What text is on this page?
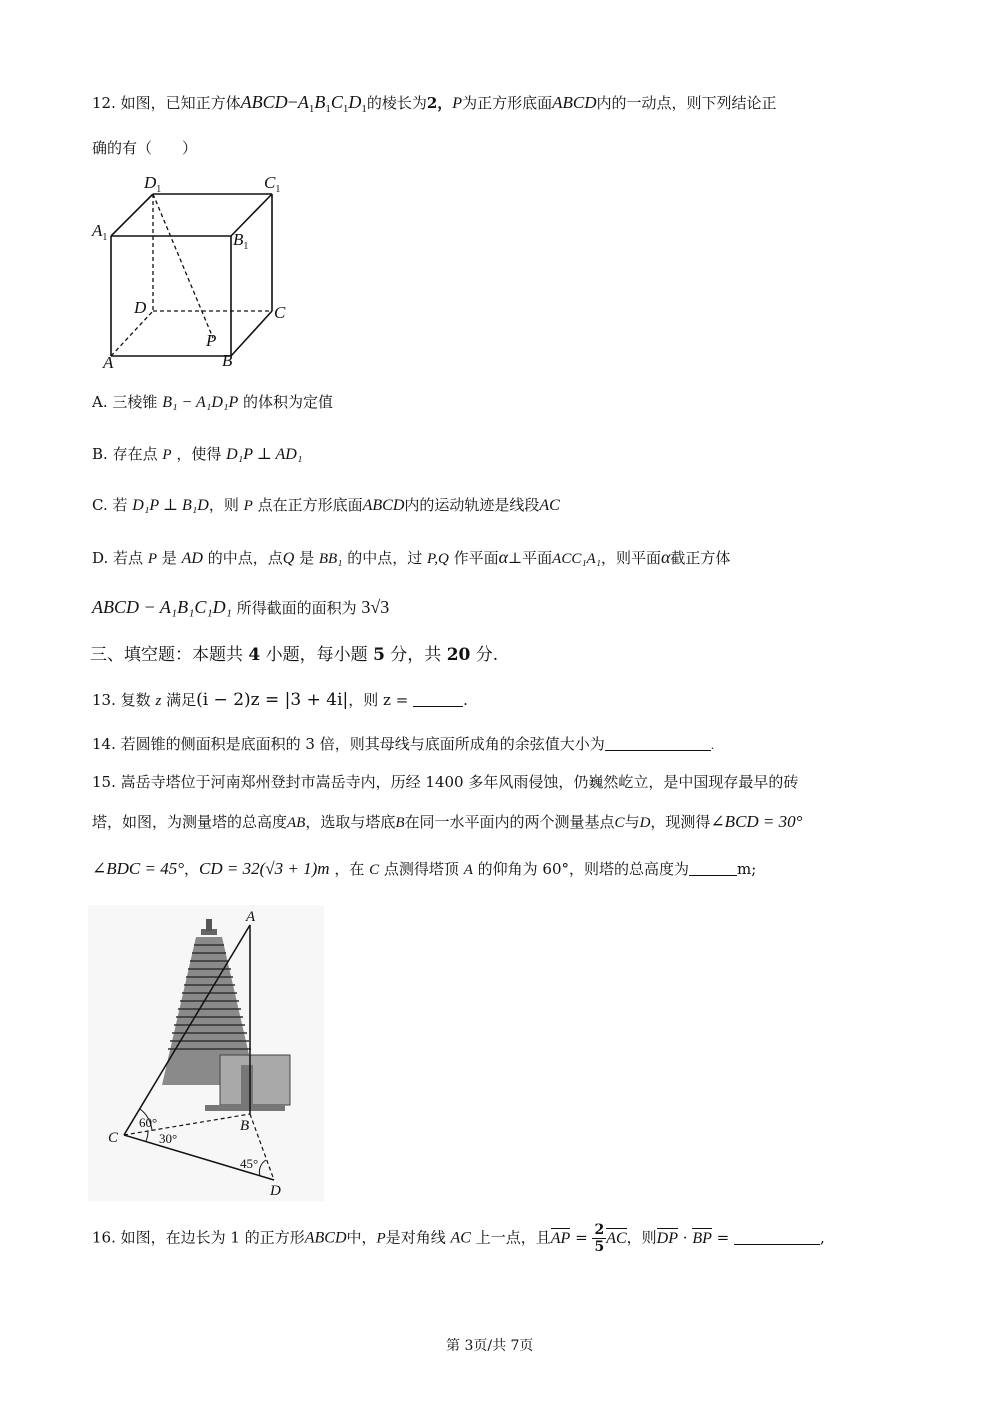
12. 如图，已知正方体$ABCD-A_1B_1C_1D_1$的棱长为2，P为正方形底面ABCD内的一动点，则下列结论正
确的有（　　）
$D_1$	$C_1$
$A_1$	$B_1$
D	C
P
A	B
A. 三棱锥 B₁ − A₁D₁P 的体积为定值
B. 存在点 P ，使得 D₁P ⊥ AD₁
C. 若 D₁P ⊥ B₁D，则 P 点在正方形底面ABCD内的运动轨迹是线段AC
D. 若点 P 是 AD 的中点，点Q 是 BB₁ 的中点，过 P,Q 作平面α⊥平面ACC₁A₁，则平面α截正方体
ABCD − A₁B₁C₁D₁ 所得截面的面积为 3√3
三、填空题：本题共 4 小题，每小题 5 分，共 20 分.
13. 复数 z 满足(i − 2)z = |3 + 4i|，则 z =	.
14. 若圆锥的侧面积是底面积的 3 倍，则其母线与底面所成角的余弦值大小为	.
15. 嵩岳寺塔位于河南郑州登封市嵩岳寺内，历经 1400 多年风雨侵蚀，仍巍然屹立，是中国现存最早的砖
塔，如图，为测量塔的总高度AB，选取与塔底B在同一水平面内的两个测量基点C与D，现测得∠BCD = 30°
∠BDC = 45°，CD = 32(√3 + 1)m ，在 C 点测得塔顶 A 的仰角为 60°，则塔的总高度为	m;
A
B
C
D
60°
30°
45°
16. 如图，在边长为 1 的正方形ABCD中，P是对角线 AC 上一点，且AP = $\frac{2}{5}$ AC，则DP · BP =	,
第 3页/共 7页
